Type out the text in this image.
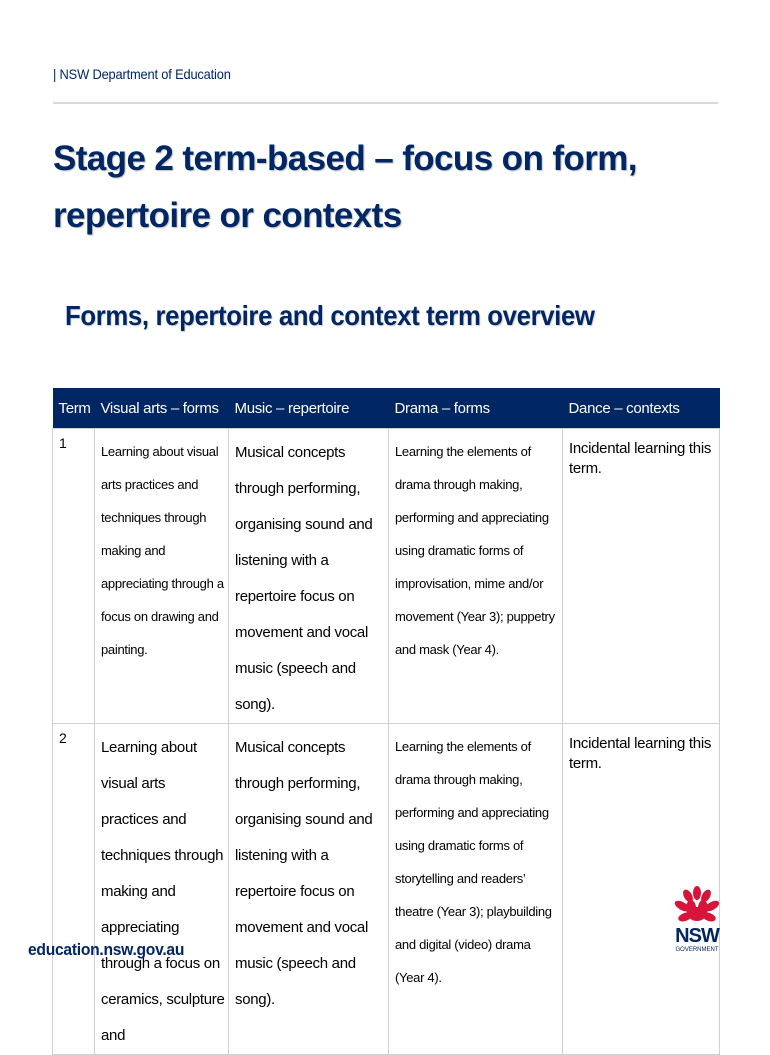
| NSW Department of Education
Stage 2 term-based – focus on form, repertoire or contexts
Forms, repertoire and context term overview
Term	Visual arts – forms	Music – repertoire	Drama – forms	Dance – contexts
1	Learning about visual arts practices and techniques through making and appreciating through a focus on drawing and painting.	Musical concepts through performing, organising sound and listening with a repertoire focus on movement and vocal music (speech and song).	Learning the elements of drama through making, performing and appreciating using dramatic forms of improvisation, mime and/or movement (Year 3); puppetry and mask (Year 4).	Incidental learning this term.
2	Learning about visual arts practices and techniques through making and appreciating through a focus on ceramics, sculpture and	Musical concepts through performing, organising sound and listening with a repertoire focus on movement and vocal music (speech and song).	Learning the elements of drama through making, performing and appreciating using dramatic forms of storytelling and readers’ theatre (Year 3); playbuilding and digital (video) drama (Year 4).	Incidental learning this term.
education.nsw.gov.au
NSW
GOVERNMENT
